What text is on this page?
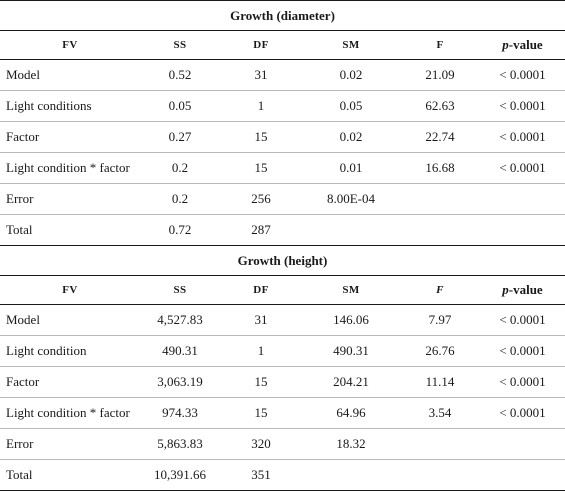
Growth (diameter)					
FV	SS	DF	SM	F	p-value
Model	0.52	31	0.02	21.09	< 0.0001
Light conditions	0.05	1	0.05	62.63	< 0.0001
Factor	0.27	15	0.02	22.74	< 0.0001
Light condition * factor	0.2	15	0.01	16.68	< 0.0001
Error	0.2	256	8.00E-04		
Total	0.72	287			
Growth (height)					
FV	SS	DF	SM	F	p-value
Model	4,527.83	31	146.06	7.97	< 0.0001
Light condition	490.31	1	490.31	26.76	< 0.0001
Factor	3,063.19	15	204.21	11.14	< 0.0001
Light condition * factor	974.33	15	64.96	3.54	< 0.0001
Error	5,863.83	320	18.32		
Total	10,391.66	351			
